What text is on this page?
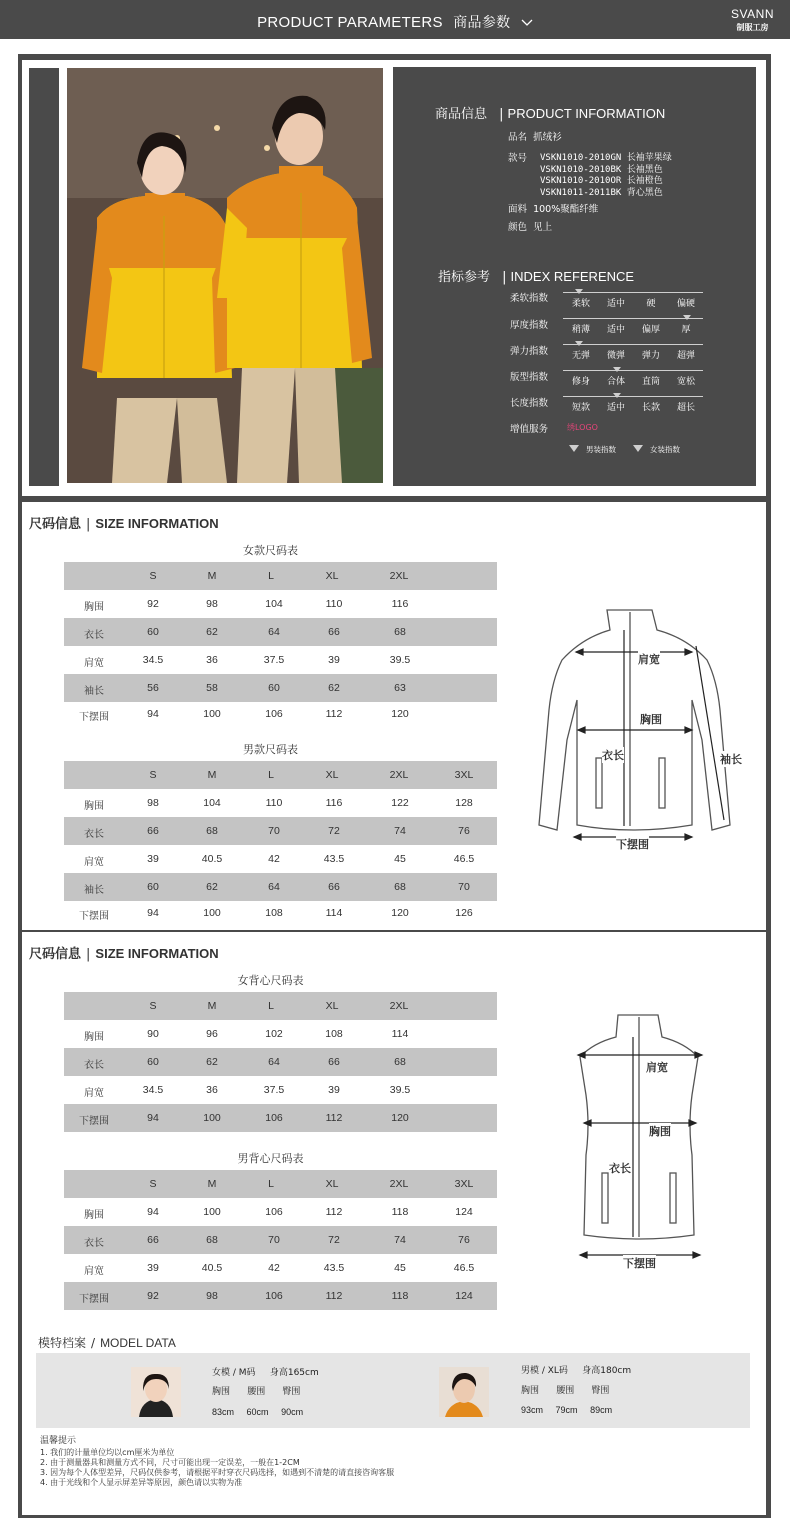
PRODUCT PARAMETERS 商品参数
SVANN
制服工房
商品信息 | PRODUCT INFORMATION
品名 抓绒衫
款号 VSKN1010-2010GN 长袖苹果绿
VSKN1010-2010BK 长袖黑色
VSKN1010-2010OR 长袖橙色
VSKN1011-2011BK 背心黑色
面料 100%聚酯纤维
颜色 见上
指标参考 | INDEX REFERENCE
柔软指数	柔软	适中	硬	偏硬
厚度指数	稍薄	适中	偏厚	厚
弹力指数	无弹	微弹	弹力	超弹
版型指数	修身	合体	直筒	宽松
长度指数	短款	适中	长款	超长
增值服务 绣LOGO
男装指数	女装指数
尺码信息 | SIZE INFORMATION
女款尺码表
S	M	L	XL	2XL
胸围	92	98	104	110	116
衣长	60	62	64	66	68
肩宽	34.5	36	37.5	39	39.5
袖长	56	58	60	62	63
下摆围	94	100	106	112	120
男款尺码表
S	M	L	XL	2XL	3XL
胸围	98	104	110	116	122	128
衣长	66	68	70	72	74	76
肩宽	39	40.5	42	43.5	45	46.5
袖长	60	62	64	66	68	70
下摆围	94	100	108	114	120	126
肩宽
胸围
衣长	袖长
下摆围
尺码信息 | SIZE INFORMATION
女背心尺码表
S	M	L	XL	2XL
胸围	90	96	102	108	114
衣长	60	62	64	66	68
肩宽	34.5	36	37.5	39	39.5
下摆围	94	100	106	112	120
男背心尺码表
S	M	L	XL	2XL	3XL
胸围	94	100	106	112	118	124
衣长	66	68	70	72	74	76
肩宽	39	40.5	42	43.5	45	46.5
下摆围	92	98	106	112	118	124
肩宽
胸围
衣长
下摆围
模特档案 / MODEL DATA
女模 / M码 身高165cm
胸围 腰围 臀围
83cm 60cm 90cm
男模 / XL码 身高180cm
胸围 腰围 臀围
93cm 79cm 89cm
温馨提示
1. 我们的计量单位均以cm厘米为单位
2. 由于测量器具和测量方式不同，尺寸可能出现一定误差，一般在1-2CM
3. 因为每个人体型差异，尺码仅供参考，请根据平时穿衣尺码选择，如遇到不清楚的请直接咨询客服
4. 由于光线和个人显示屏差异等原因，颜色请以实物为准
